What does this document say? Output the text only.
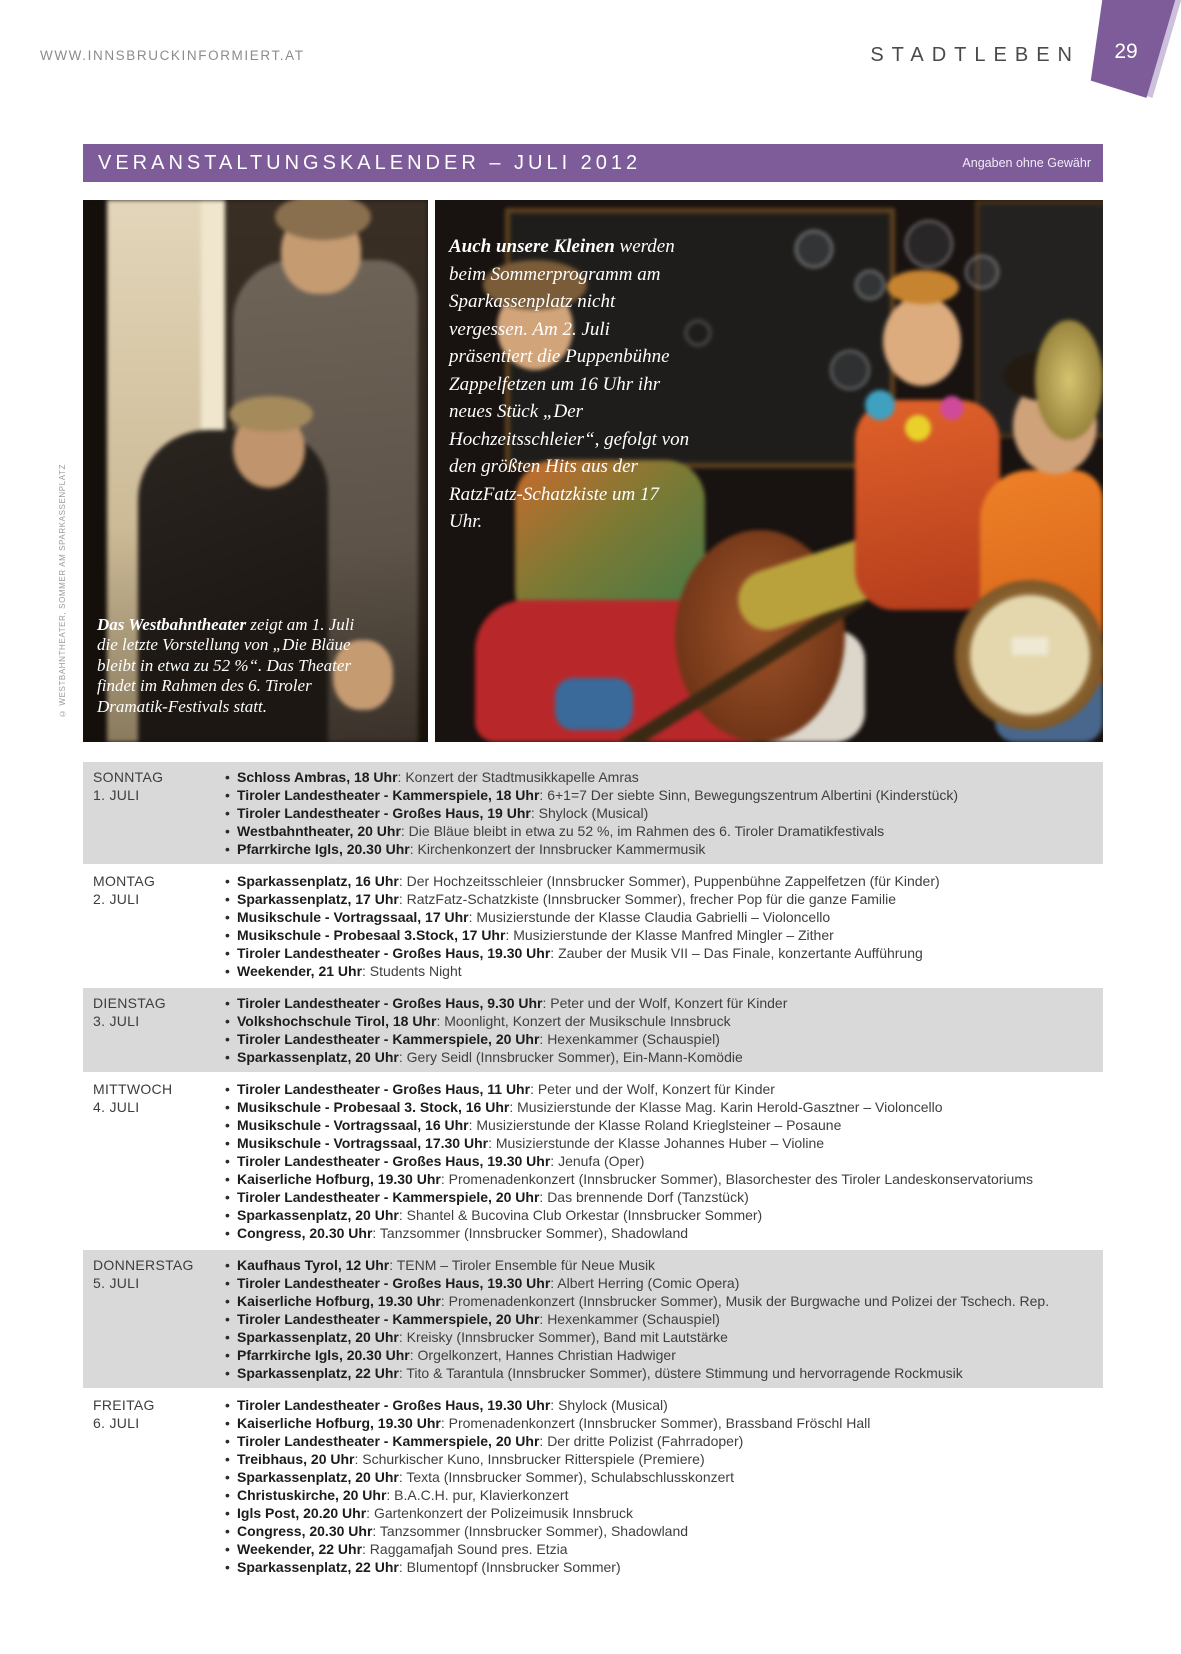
WWW.INNSBRUCKINFORMIERT.AT	STADTLEBEN	29
VERANSTALTUNGSKALENDER – JULI 2012	Angaben ohne Gewähr

Das Westbahntheater zeigt am 1. Juli die letzte Vorstellung von „Die Bläue bleibt in etwa zu 52 %“. Das Theater findet im Rahmen des 6. Tiroler Dramatik-Festivals statt.

Auch unsere Kleinen werden beim Sommerprogramm am Sparkassenplatz nicht vergessen. Am 2. Juli präsentiert die Puppenbühne Zappelfetzen um 16 Uhr ihr neues Stück „Der Hochzeitsschleier“, gefolgt von den größten Hits aus der RatzFatz-Schatzkiste um 17 Uhr.

© WESTBAHNTHEATER, SOMMER AM SPARKASSENPLATZ
SONNTAG
1. JULI
• Schloss Ambras, 18 Uhr: Konzert der Stadtmusikkapelle Amras
• Tiroler Landestheater - Kammerspiele, 18 Uhr: 6+1=7 Der siebte Sinn, Bewegungszentrum Albertini (Kinderstück)
• Tiroler Landestheater - Großes Haus, 19 Uhr: Shylock (Musical)
• Westbahntheater, 20 Uhr: Die Bläue bleibt in etwa zu 52 %, im Rahmen des 6. Tiroler Dramatikfestivals
• Pfarrkirche Igls, 20.30 Uhr: Kirchenkonzert der Innsbrucker Kammermusik
MONTAG
2. JULI
• Sparkassenplatz, 16 Uhr: Der Hochzeitsschleier (Innsbrucker Sommer), Puppenbühne Zappelfetzen (für Kinder)
• Sparkassenplatz, 17 Uhr: RatzFatz-Schatzkiste (Innsbrucker Sommer), frecher Pop für die ganze Familie
• Musikschule - Vortragssaal, 17 Uhr: Musizierstunde der Klasse Claudia Gabrielli – Violoncello
• Musikschule - Probesaal 3.Stock, 17 Uhr: Musizierstunde der Klasse Manfred Mingler – Zither
• Tiroler Landestheater - Großes Haus, 19.30 Uhr: Zauber der Musik VII – Das Finale, konzertante Aufführung
• Weekender, 21 Uhr: Students Night
DIENSTAG
3. JULI
• Tiroler Landestheater - Großes Haus, 9.30 Uhr: Peter und der Wolf, Konzert für Kinder
• Volkshochschule Tirol, 18 Uhr: Moonlight, Konzert der Musikschule Innsbruck
• Tiroler Landestheater - Kammerspiele, 20 Uhr: Hexenkammer (Schauspiel)
• Sparkassenplatz, 20 Uhr: Gery Seidl (Innsbrucker Sommer), Ein-Mann-Komödie
MITTWOCH
4. JULI
• Tiroler Landestheater - Großes Haus, 11 Uhr: Peter und der Wolf, Konzert für Kinder
• Musikschule - Probesaal 3. Stock, 16 Uhr: Musizierstunde der Klasse Mag. Karin Herold-Gasztner – Violoncello
• Musikschule - Vortragssaal, 16 Uhr: Musizierstunde der Klasse Roland Krieglsteiner – Posaune
• Musikschule - Vortragssaal, 17.30 Uhr: Musizierstunde der Klasse Johannes Huber – Violine
• Tiroler Landestheater - Großes Haus, 19.30 Uhr: Jenufa (Oper)
• Kaiserliche Hofburg, 19.30 Uhr: Promenadenkonzert (Innsbrucker Sommer), Blasorchester des Tiroler Landeskonservatoriums
• Tiroler Landestheater - Kammerspiele, 20 Uhr: Das brennende Dorf (Tanzstück)
• Sparkassenplatz, 20 Uhr: Shantel & Bucovina Club Orkestar (Innsbrucker Sommer)
• Congress, 20.30 Uhr: Tanzsommer (Innsbrucker Sommer), Shadowland
DONNERSTAG
5. JULI
• Kaufhaus Tyrol, 12 Uhr: TENM – Tiroler Ensemble für Neue Musik
• Tiroler Landestheater - Großes Haus, 19.30 Uhr: Albert Herring (Comic Opera)
• Kaiserliche Hofburg, 19.30 Uhr: Promenadenkonzert (Innsbrucker Sommer), Musik der Burgwache und Polizei der Tschech. Rep.
• Tiroler Landestheater - Kammerspiele, 20 Uhr: Hexenkammer (Schauspiel)
• Sparkassenplatz, 20 Uhr: Kreisky (Innsbrucker Sommer), Band mit Lautstärke
• Pfarrkirche Igls, 20.30 Uhr: Orgelkonzert, Hannes Christian Hadwiger
• Sparkassenplatz, 22 Uhr: Tito & Tarantula (Innsbrucker Sommer), düstere Stimmung und hervorragende Rockmusik
FREITAG
6. JULI
• Tiroler Landestheater - Großes Haus, 19.30 Uhr: Shylock (Musical)
• Kaiserliche Hofburg, 19.30 Uhr: Promenadenkonzert (Innsbrucker Sommer), Brassband Fröschl Hall
• Tiroler Landestheater - Kammerspiele, 20 Uhr: Der dritte Polizist (Fahrradoper)
• Treibhaus, 20 Uhr: Schurkischer Kuno, Innsbrucker Ritterspiele (Premiere)
• Sparkassenplatz, 20 Uhr: Texta (Innsbrucker Sommer), Schulabschlusskonzert
• Christuskirche, 20 Uhr: B.A.C.H. pur, Klavierkonzert
• Igls Post, 20.20 Uhr: Gartenkonzert der Polizeimusik Innsbruck
• Congress, 20.30 Uhr: Tanzsommer (Innsbrucker Sommer), Shadowland
• Weekender, 22 Uhr: Raggamafjah Sound pres. Etzia
• Sparkassenplatz, 22 Uhr: Blumentopf (Innsbrucker Sommer)
